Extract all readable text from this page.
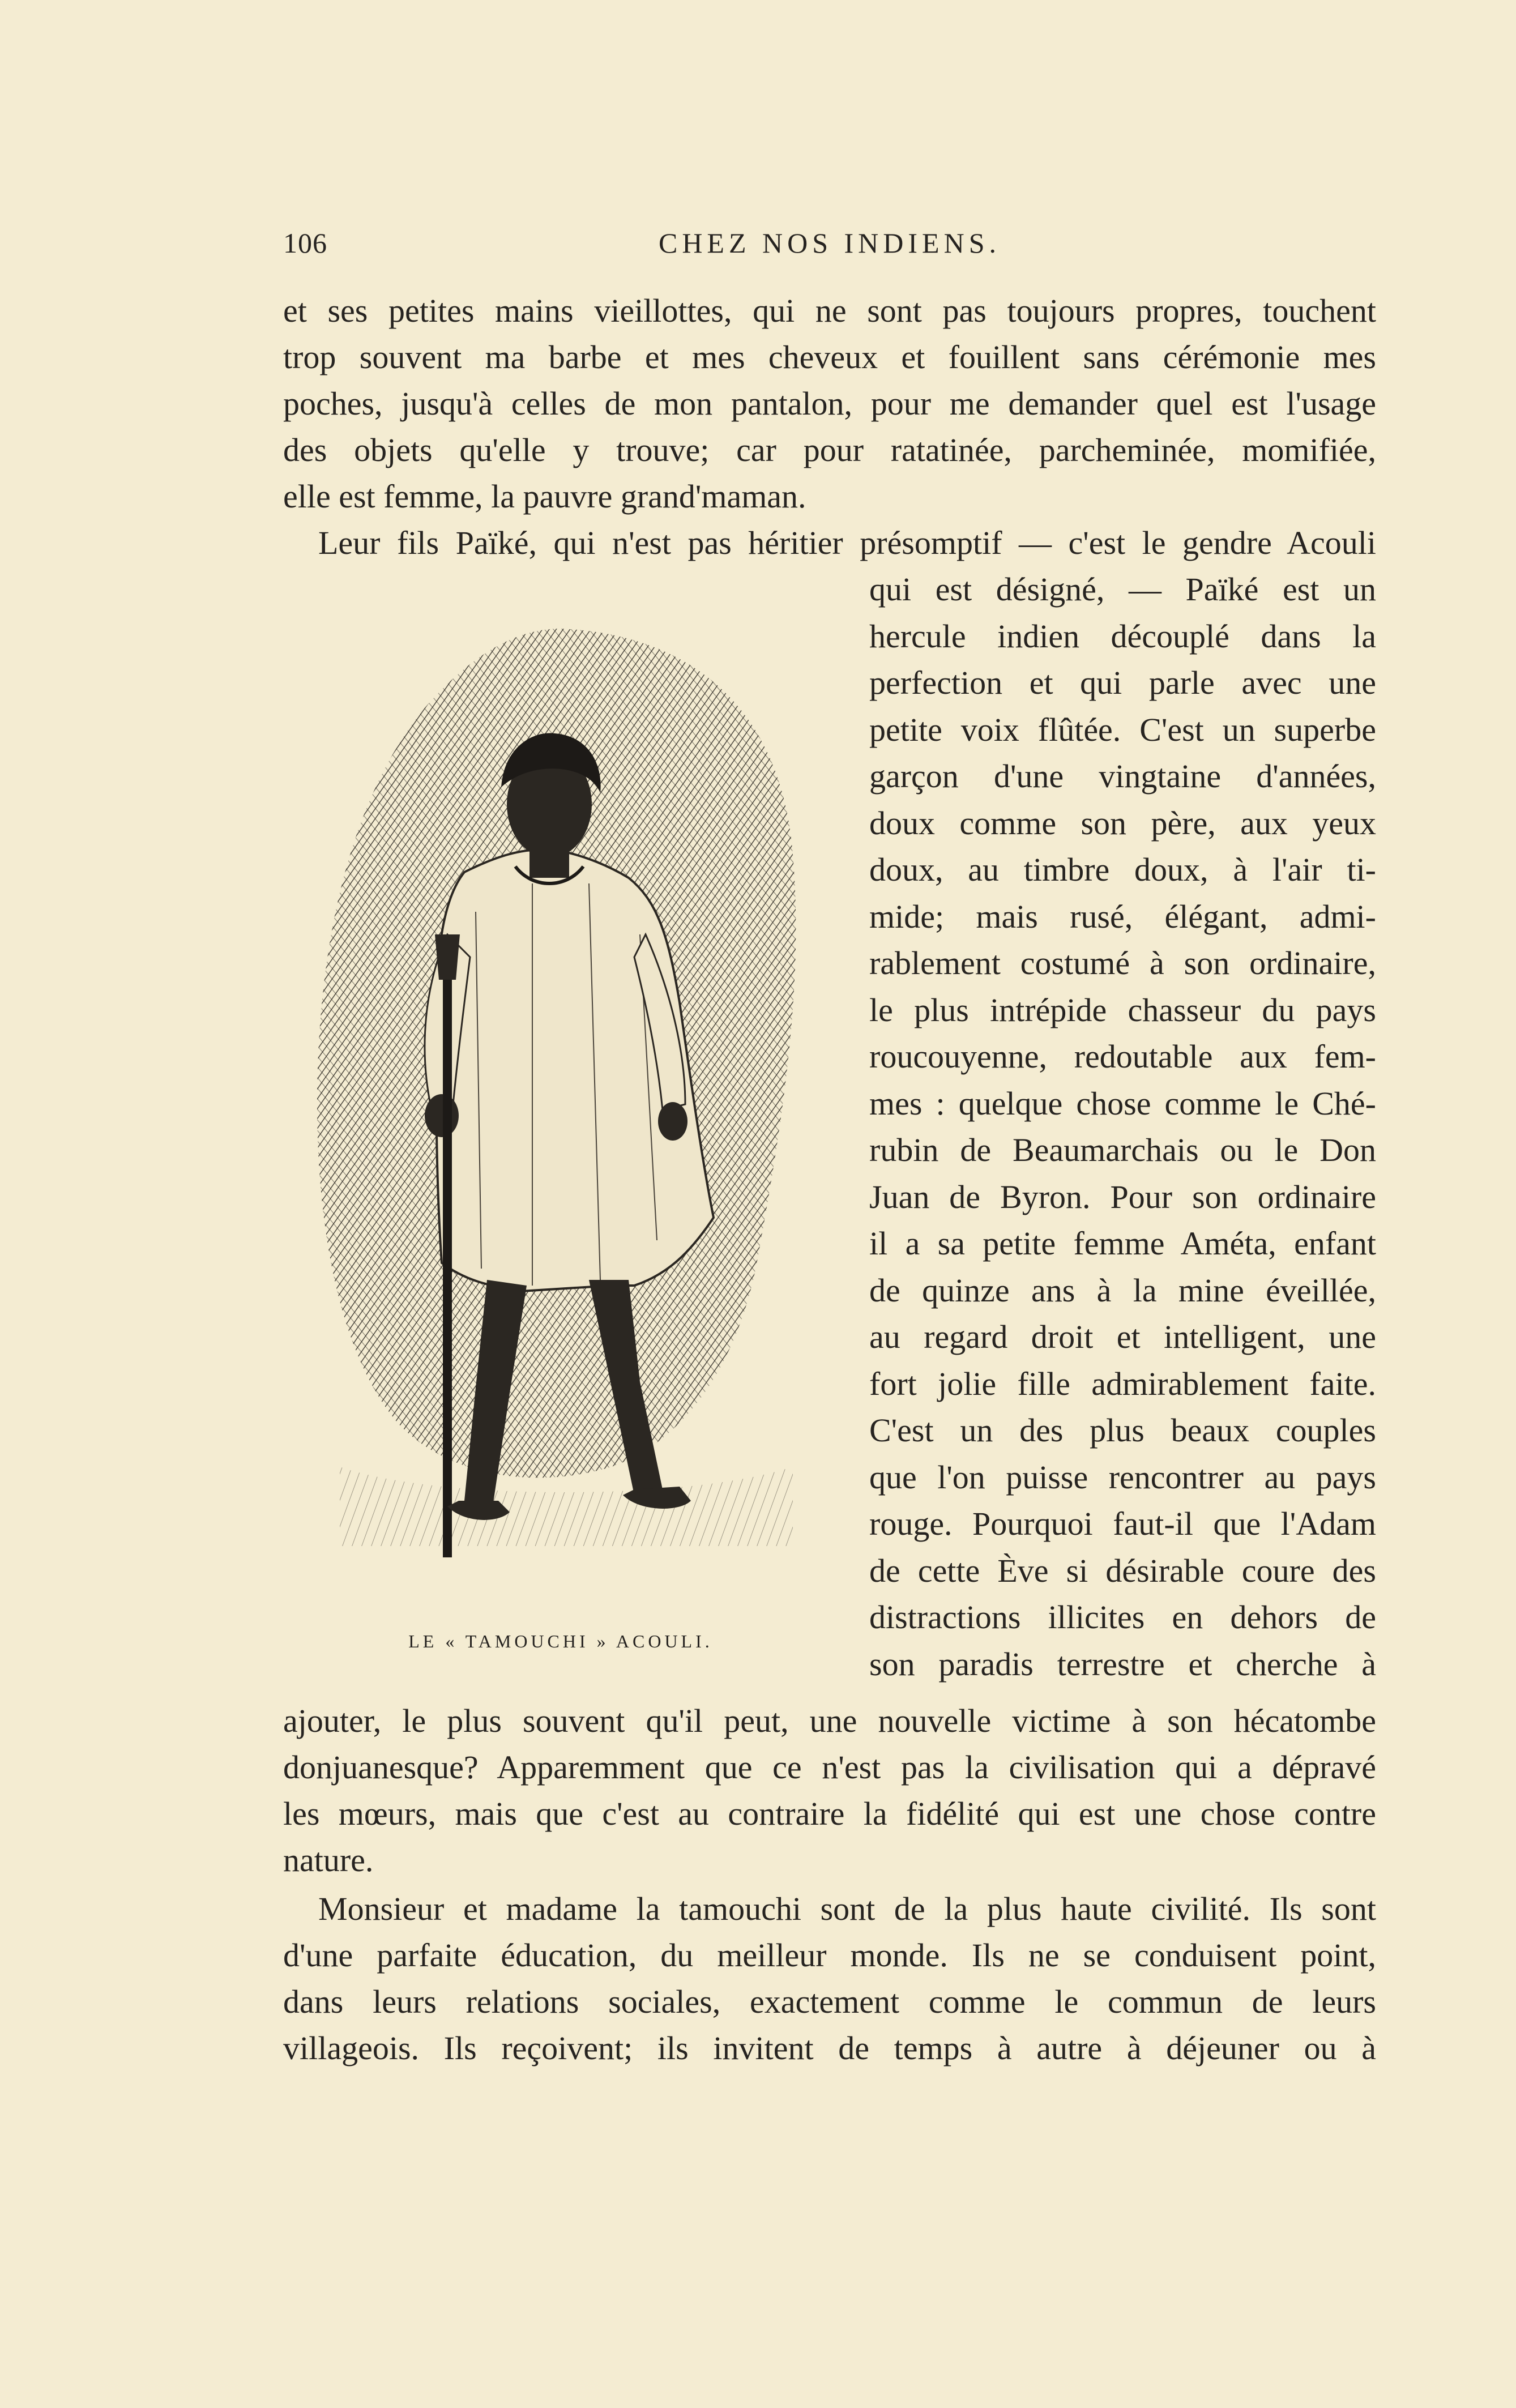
106	CHEZ NOS INDIENS.

et ses petites mains vieillottes, qui ne sont pas toujours propres, touchent
trop souvent ma barbe et mes cheveux et fouillent sans cérémonie mes
poches, jusqu'à celles de mon pantalon, pour me demander quel est l'usage
des objets qu'elle y trouve; car pour ratatinée, parcheminée, momifiée,
elle est femme, la pauvre grand'maman.

Leur fils Païké, qui n'est pas héritier présomptif — c'est le gendre Acouli

qui est désigné, — Païké est un
hercule indien découplé dans la
perfection et qui parle avec une
petite voix flûtée. C'est un superbe
garçon d'une vingtaine d'années,
doux comme son père, aux yeux
doux, au timbre doux, à l'air ti-
mide; mais rusé, élégant, admi-
rablement costumé à son ordinaire,
le plus intrépide chasseur du pays
roucouyenne, redoutable aux fem-
mes : quelque chose comme le Ché-
rubin de Beaumarchais ou le Don
Juan de Byron. Pour son ordinaire
il a sa petite femme Améta, enfant
de quinze ans à la mine éveillée,
au regard droit et intelligent, une
fort jolie fille admirablement faite.
C'est un des plus beaux couples
que l'on puisse rencontrer au pays
rouge. Pourquoi faut-il que l'Adam
de cette Ève si désirable coure des
distractions illicites en dehors de
son paradis terrestre et cherche à

LE « TAMOUCHI » ACOULI.

ajouter, le plus souvent qu'il peut, une nouvelle victime à son hécatombe
donjuanesque? Apparemment que ce n'est pas la civilisation qui a dépravé
les mœurs, mais que c'est au contraire la fidélité qui est une chose contre
nature.

Monsieur et madame la tamouchi sont de la plus haute civilité. Ils sont
d'une parfaite éducation, du meilleur monde. Ils ne se conduisent point,
dans leurs relations sociales, exactement comme le commun de leurs
villageois. Ils reçoivent; ils invitent de temps à autre à déjeuner ou à
